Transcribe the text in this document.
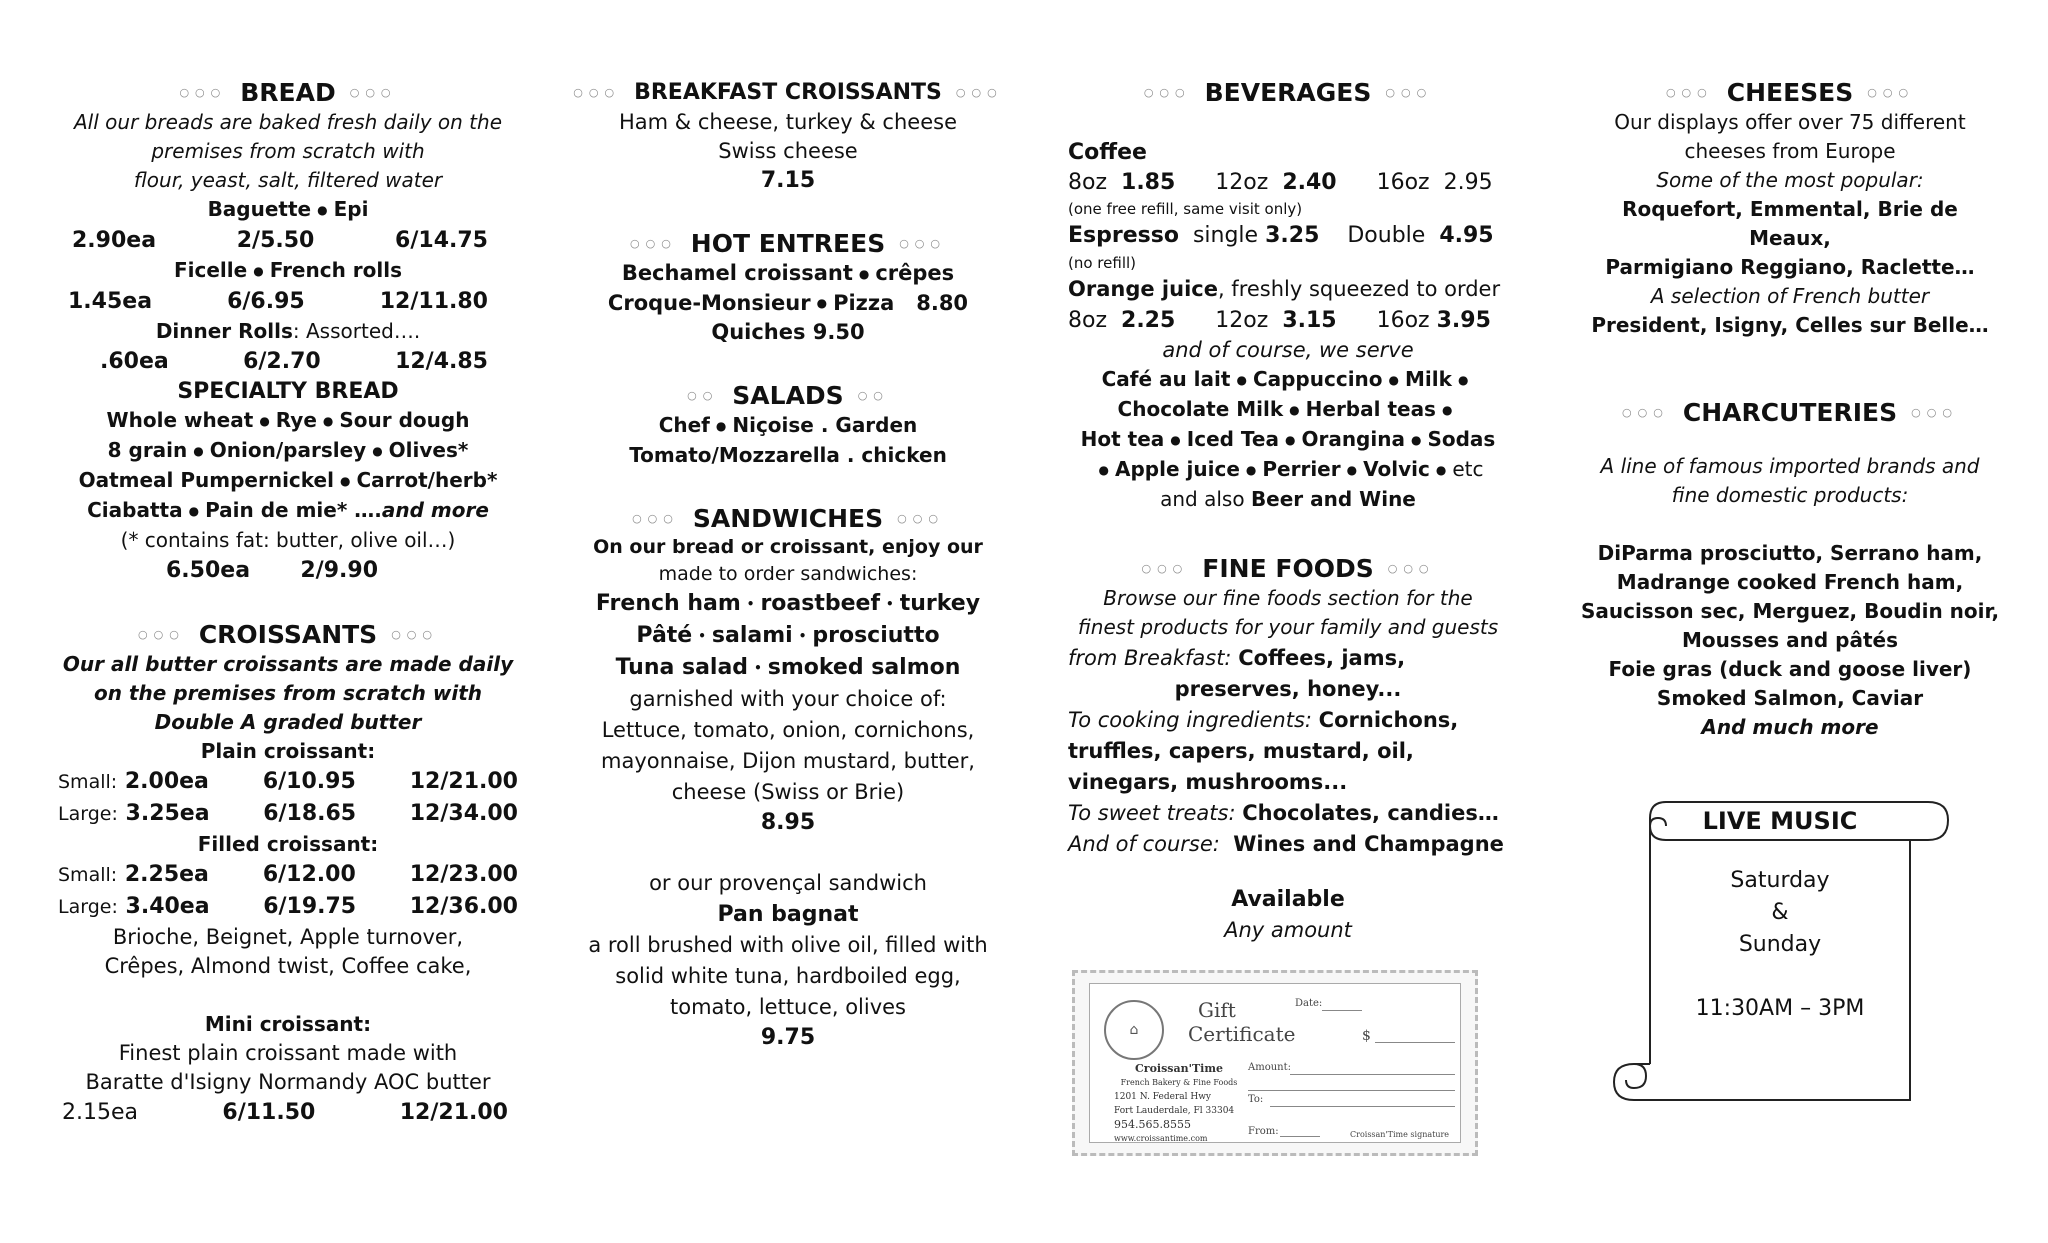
○○○ BREAD ○○○
All our breads are baked fresh daily on the
premises from scratch with
flour, yeast, salt, filtered water
Baguette ● Epi
2.90ea	2/5.50	6/14.75
Ficelle ● French rolls
1.45ea	6/6.95	12/11.80
Dinner Rolls: Assorted….
.60ea	6/2.70	12/4.85
SPECIALTY BREAD
Whole wheat ● Rye ● Sour dough
8 grain ● Onion/parsley ● Olives*
Oatmeal Pumpernickel ● Carrot/herb*
Ciabatta ● Pain de mie* ….and more
(* contains fat: butter, olive oil…)
6.50ea 2/9.90
○○○ CROISSANTS ○○○
Our all butter croissants are made daily
on the premises from scratch with
Double A graded butter
Plain croissant:
Small: 2.00ea 6/10.95 12/21.00
Large: 3.25ea 6/18.65 12/34.00
Filled croissant:
Small: 2.25ea 6/12.00 12/23.00
Large: 3.40ea 6/19.75 12/36.00
Brioche, Beignet, Apple turnover,
Crêpes, Almond twist, Coffee cake,
Mini croissant:
Finest plain croissant made with
Baratte d'Isigny Normandy AOC butter
2.15ea	6/11.50	12/21.00
○○○ BREAKFAST CROISSANTS ○○○
Ham & cheese, turkey & cheese
Swiss cheese
7.15
○○○ HOT ENTREES ○○○
Bechamel croissant ● crêpes
Croque-Monsieur ● Pizza 8.80
Quiches 9.50
○○ SALADS ○○
Chef ● Niçoise . Garden
Tomato/Mozzarella . chicken
○○○ SANDWICHES ○○○
On our bread or croissant, enjoy our
made to order sandwiches:
French ham • roastbeef • turkey
Pâté • salami • prosciutto
Tuna salad • smoked salmon
garnished with your choice of:
Lettuce, tomato, onion, cornichons,
mayonnaise, Dijon mustard, butter,
cheese (Swiss or Brie)
8.95
or our provençal sandwich
Pan bagnat
a roll brushed with olive oil, filled with
solid white tuna, hardboiled egg,
tomato, lettuce, olives
9.75
○○○ BEVERAGES ○○○
Coffee
8oz 1.85 12oz 2.40 16oz 2.95
(one free refill, same visit only)
Espresso single 3.25 Double 4.95
(no refill)
Orange juice, freshly squeezed to order
8oz 2.25 12oz 3.15 16oz 3.95
and of course, we serve
Café au lait ● Cappuccino ● Milk ●
Chocolate Milk ● Herbal teas ●
Hot tea ● Iced Tea ● Orangina ● Sodas
● Apple juice ● Perrier ● Volvic ● etc
and also Beer and Wine
○○○ FINE FOODS ○○○
Browse our fine foods section for the
finest products for your family and guests
from Breakfast: Coffees, jams,
preserves, honey...
To cooking ingredients: Cornichons,
truffles, capers, mustard, oil,
vinegars, mushrooms...
To sweet treats: Chocolates, candies…
And of course: Wines and Champagne
Available
Any amount
⌂
Gift
Certificate
Date:
$
Amount:
To:
From:	Croissan'Time signature
Croissan'Time
French Bakery & Fine Foods
1201 N. Federal Hwy
Fort Lauderdale, Fl 33304
954.565.8555
www.croissantime.com
○○○ CHEESES ○○○
Our displays offer over 75 different
cheeses from Europe
Some of the most popular:
Roquefort, Emmental, Brie de Meaux,
Parmigiano Reggiano, Raclette…
A selection of French butter
President, Isigny, Celles sur Belle…
○○○ CHARCUTERIES ○○○
A line of famous imported brands and
fine domestic products:
DiParma prosciutto, Serrano ham,
Madrange cooked French ham,
Saucisson sec, Merguez, Boudin noir,
Mousses and pâtés
Foie gras (duck and goose liver)
Smoked Salmon, Caviar
And much more
LIVE MUSIC
Saturday
&
Sunday
11:30AM – 3PM
